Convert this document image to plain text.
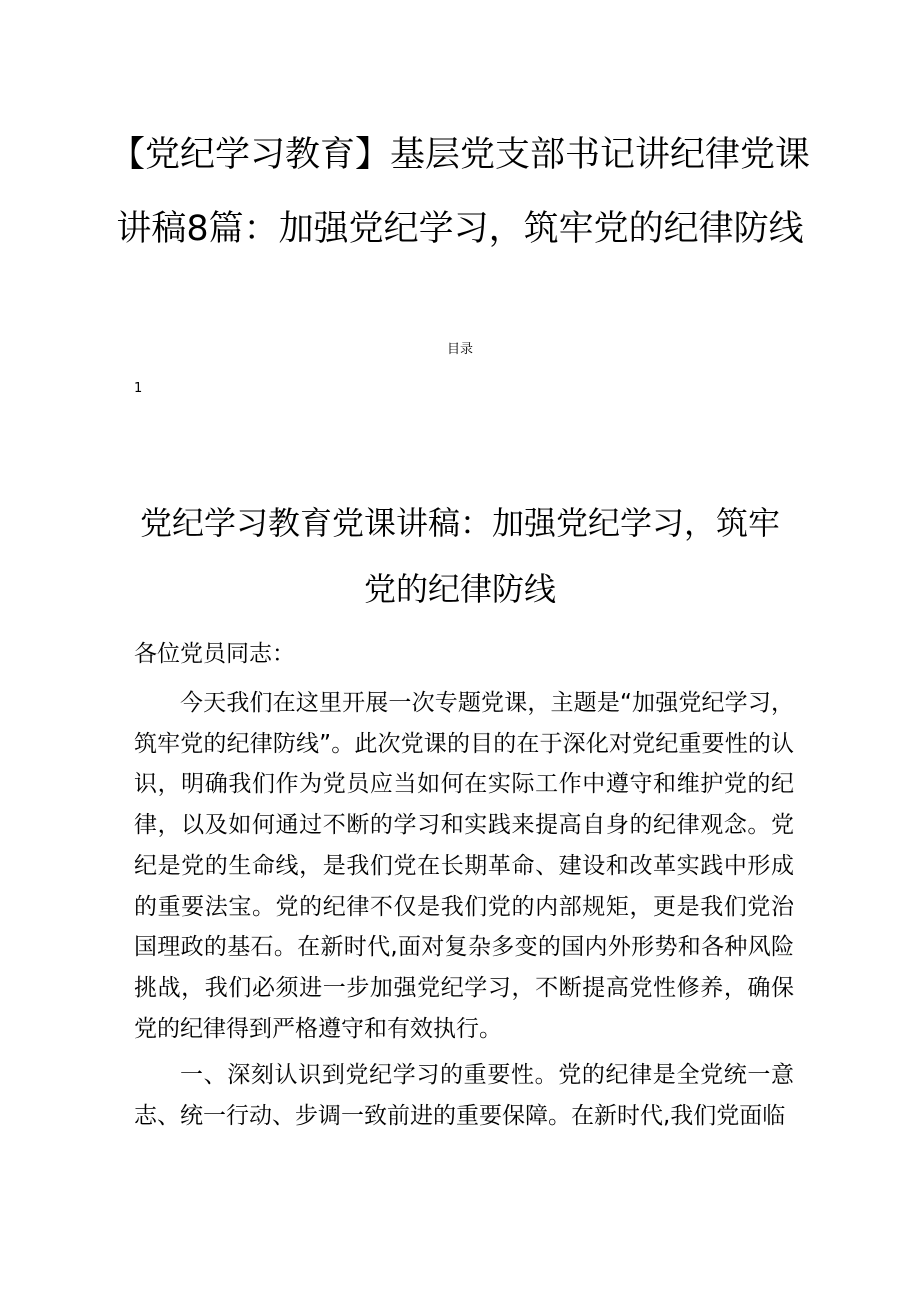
【党纪学习教育】基层党支部书记讲纪律党课讲稿8篇：加强党纪学习，筑牢党的纪律防线
目录
1
党纪学习教育党课讲稿：加强党纪学习，筑牢党的纪律防线

各位党员同志：

今天我们在这里开展一次专题党课，主题是“加强党纪学习，筑牢党的纪律防线”。此次党课的目的在于深化对党纪重要性的认识，明确我们作为党员应当如何在实际工作中遵守和维护党的纪律，以及如何通过不断的学习和实践来提高自身的纪律观念。党纪是党的生命线，是我们党在长期革命、建设和改革实践中形成的重要法宝。党的纪律不仅是我们党的内部规矩，更是我们党治国理政的基石。在新时代,面对复杂多变的国内外形势和各种风险挑战，我们必须进一步加强党纪学习，不断提高党性修养，确保党的纪律得到严格遵守和有效执行。

一、深刻认识到党纪学习的重要性。党的纪律是全党统一意志、统一行动、步调一致前进的重要保障。在新时代,我们党面临
